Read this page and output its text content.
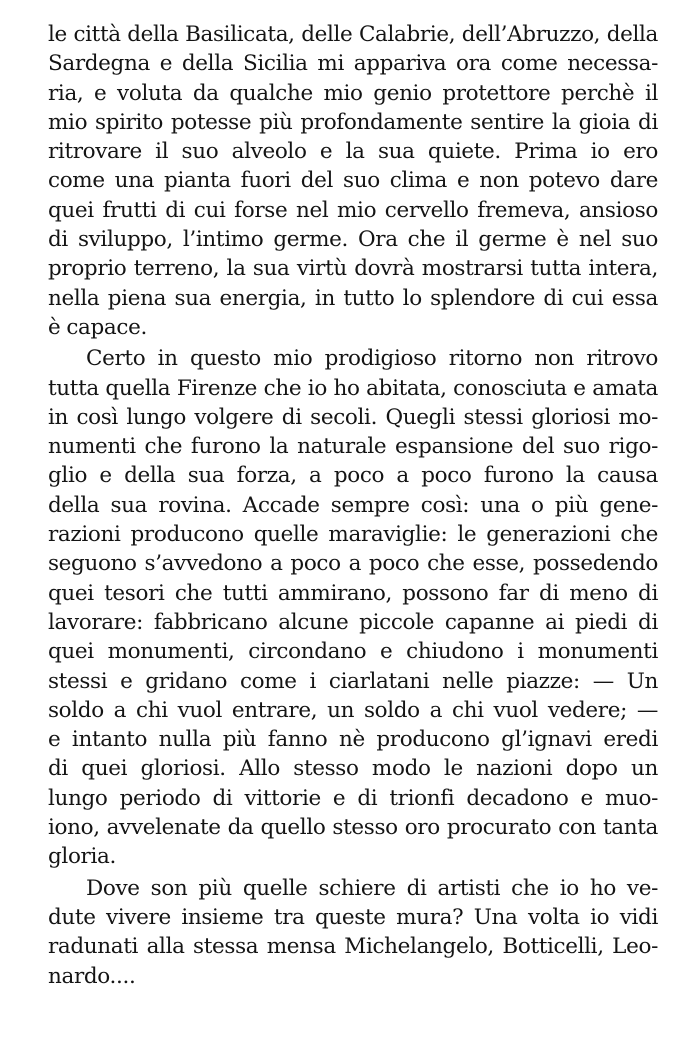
le città della Basilicata, delle Calabrie, dell’Abruzzo, della
Sardegna e della Sicilia mi appariva ora come necessa-
ria, e voluta da qualche mio genio protettore perchè il
mio spirito potesse più profondamente sentire la gioia di
ritrovare il suo alveolo e la sua quiete. Prima io ero
come una pianta fuori del suo clima e non potevo dare
quei frutti di cui forse nel mio cervello fremeva, ansioso
di sviluppo, l’intimo germe. Ora che il germe è nel suo
proprio terreno, la sua virtù dovrà mostrarsi tutta intera,
nella piena sua energia, in tutto lo splendore di cui essa
è capace.
Certo in questo mio prodigioso ritorno non ritrovo
tutta quella Firenze che io ho abitata, conosciuta e amata
in così lungo volgere di secoli. Quegli stessi gloriosi mo-
numenti che furono la naturale espansione del suo rigo-
glio e della sua forza, a poco a poco furono la causa
della sua rovina. Accade sempre così: una o più gene-
razioni producono quelle maraviglie: le generazioni che
seguono s’avvedono a poco a poco che esse, possedendo
quei tesori che tutti ammirano, possono far di meno di
lavorare: fabbricano alcune piccole capanne ai piedi di
quei monumenti, circondano e chiudono i monumenti
stessi e gridano come i ciarlatani nelle piazze: — Un
soldo a chi vuol entrare, un soldo a chi vuol vedere; —
e intanto nulla più fanno nè producono gl’ignavi eredi
di quei gloriosi. Allo stesso modo le nazioni dopo un
lungo periodo di vittorie e di trionfi decadono e muo-
iono, avvelenate da quello stesso oro procurato con tanta
gloria.
Dove son più quelle schiere di artisti che io ho ve-
dute vivere insieme tra queste mura? Una volta io vidi
radunati alla stessa mensa Michelangelo, Botticelli, Leo-
nardo....
